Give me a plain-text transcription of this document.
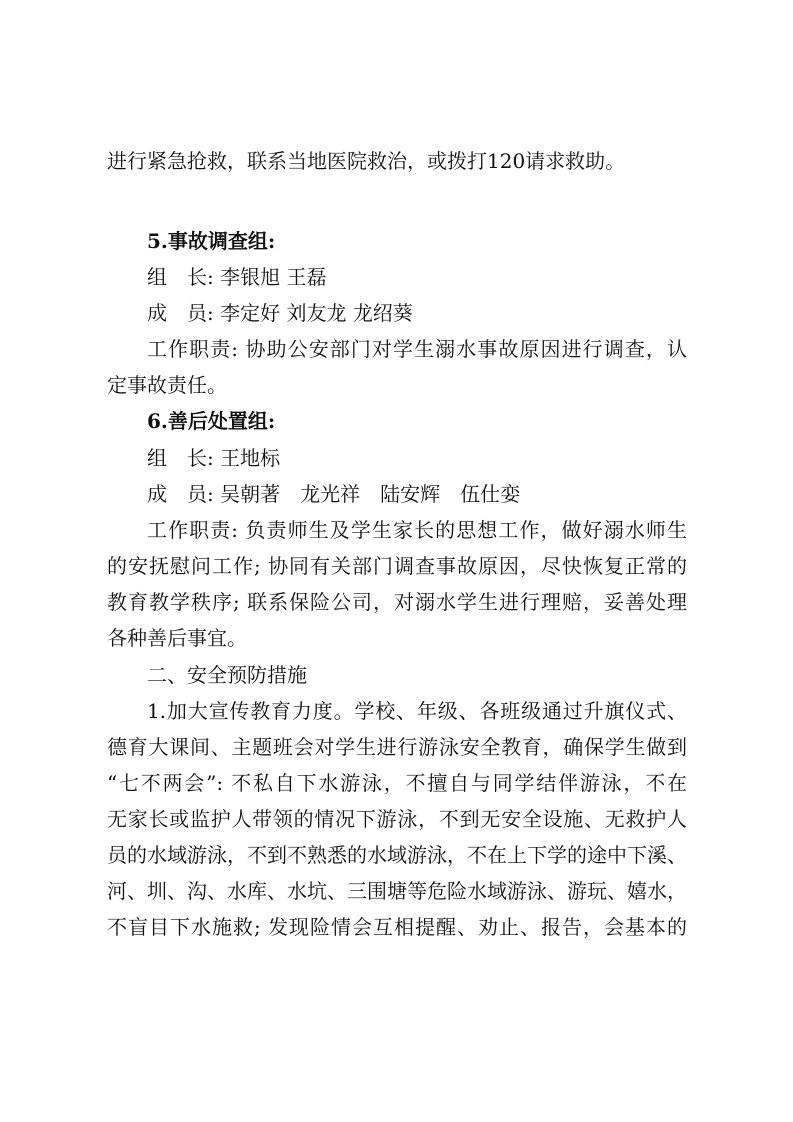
进行紧急抢救，联系当地医院救治，或拨打120请求救助。
5.事故调查组:
组　长: 李银旭 王磊
成　员: 李定好 刘友龙 龙绍葵
工作职责: 协助公安部门对学生溺水事故原因进行调查，认
定事故责任。
6.善后处置组:
组　长: 王地标
成　员: 吴朝著　龙光祥　陆安辉　伍仕娈
工作职责: 负责师生及学生家长的思想工作，做好溺水师生
的安抚慰问工作; 协同有关部门调查事故原因，尽快恢复正常的
教育教学秩序; 联系保险公司，对溺水学生进行理赔，妥善处理
各种善后事宜。
二、安全预防措施
1.加大宣传教育力度。学校、年级、各班级通过升旗仪式、
德育大课间、主题班会对学生进行游泳安全教育，确保学生做到
“七不两会”: 不私自下水游泳，不擅自与同学结伴游泳，不在
无家长或监护人带领的情况下游泳，不到无安全设施、无救护人
员的水域游泳，不到不熟悉的水域游泳，不在上下学的途中下溪、
河、圳、沟、水库、水坑、三围塘等危险水域游泳、游玩、嬉水，
不盲目下水施救; 发现险情会互相提醒、劝止、报告，会基本的
